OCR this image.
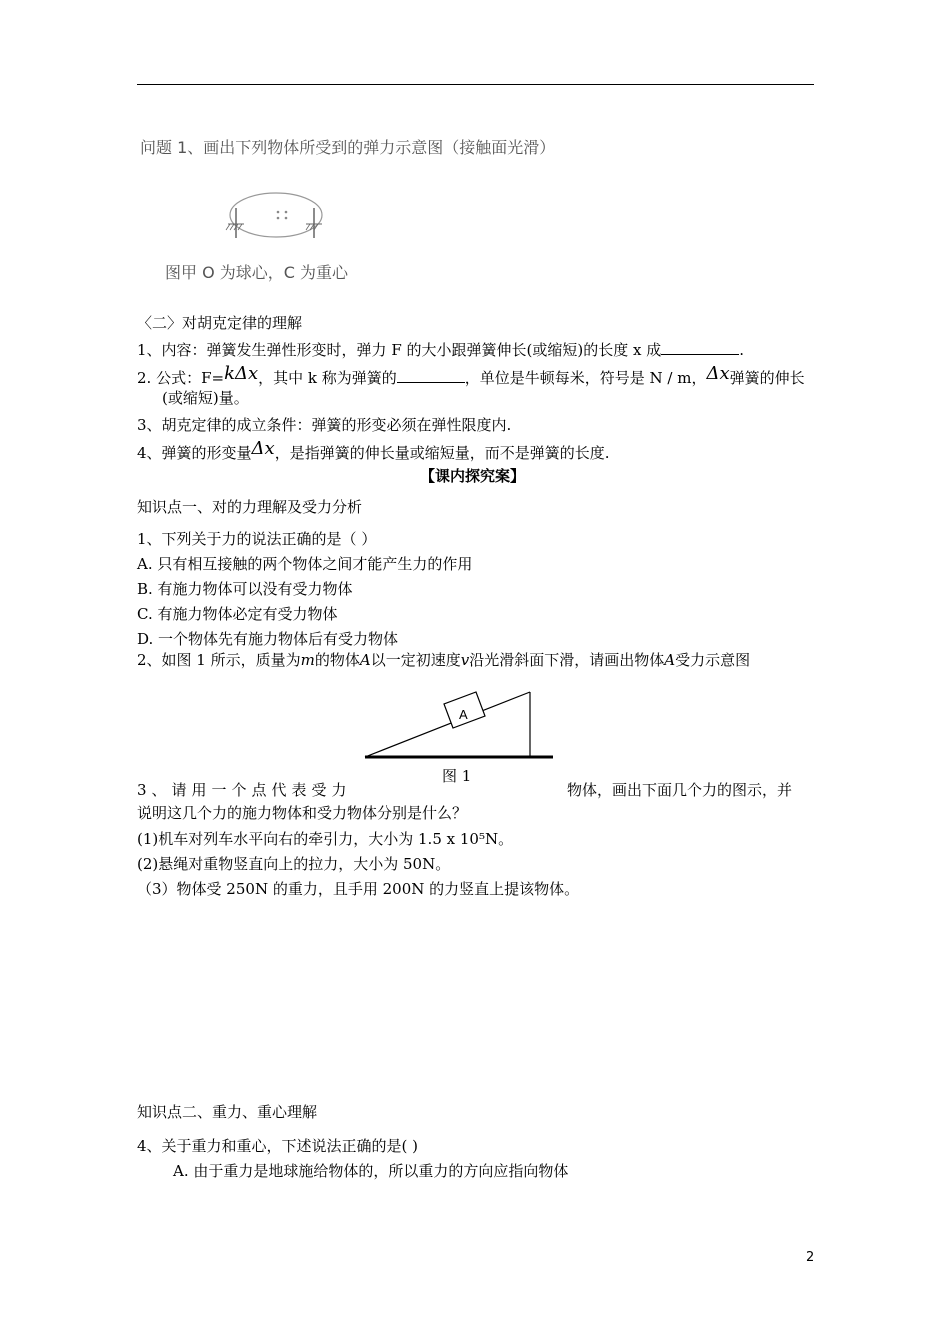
问题 1、画出下列物体所受到的弹力示意图（接触面光滑）
图甲 O 为球心，C 为重心
〈二〉对胡克定律的理解
1、内容：弹簧发生弹性形变时，弹力 F 的大小跟弹簧伸长(或缩短)的长度 x 成	.
2. 公式：F=kΔx，其中 k 称为弹簧的	，单位是牛顿每米，符号是 N / m，Δx弹簧的伸长
(或缩短)量。
3、胡克定律的成立条件：弹簧的形变必须在弹性限度内.
4、弹簧的形变量Δx，是指弹簧的伸长量或缩短量，而不是弹簧的长度.
【课内探究案】
知识点一、对的力理解及受力分析
1、下列关于力的说法正确的是（ ）
A. 只有相互接触的两个物体之间才能产生力的作用
B. 有施力物体可以没有受力物体
C. 有施力物体必定有受力物体
D. 一个物体先有施力物体后有受力物体
2、如图 1 所示，质量为m的物体A以一定初速度v沿光滑斜面下滑，请画出物体A受力示意图
A
3、请用一个点代表受力
图 1
物体，画出下面几个力的图示，并
说明这几个力的施力物体和受力物体分别是什么？
(1)机车对列车水平向右的牵引力，大小为 1.5 x 10⁵N。
(2)悬绳对重物竖直向上的拉力，大小为 50N。
（3）物体受 250N 的重力，且手用 200N 的力竖直上提该物体。
知识点二、重力、重心理解
4、关于重力和重心，下述说法正确的是( )
A. 由于重力是地球施给物体的，所以重力的方向应指向物体
2
